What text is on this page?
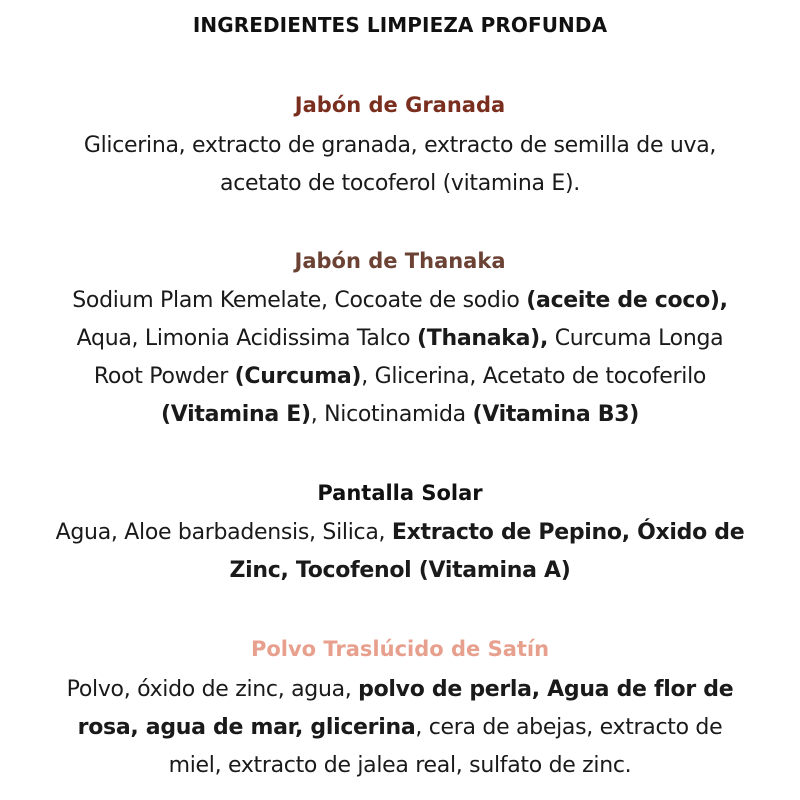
INGREDIENTES LIMPIEZA PROFUNDA

Jabón de Granada

Glicerina, extracto de granada, extracto de semilla de uva,
acetato de tocoferol (vitamina E).

Jabón de Thanaka

Sodium Plam Kemelate, Cocoate de sodio (aceite de coco),
Aqua, Limonia Acidissima Talco (Thanaka), Curcuma Longa
Root Powder (Curcuma), Glicerina, Acetato de tocoferilo
(Vitamina E), Nicotinamida (Vitamina B3)

Pantalla Solar

Agua, Aloe barbadensis, Silica, Extracto de Pepino, Óxido de
Zinc, Tocofenol (Vitamina A)

Polvo Traslúcido de Satín

Polvo, óxido de zinc, agua, polvo de perla, Agua de flor de
rosa, agua de mar, glicerina, cera de abejas, extracto de
miel, extracto de jalea real, sulfato de zinc.
